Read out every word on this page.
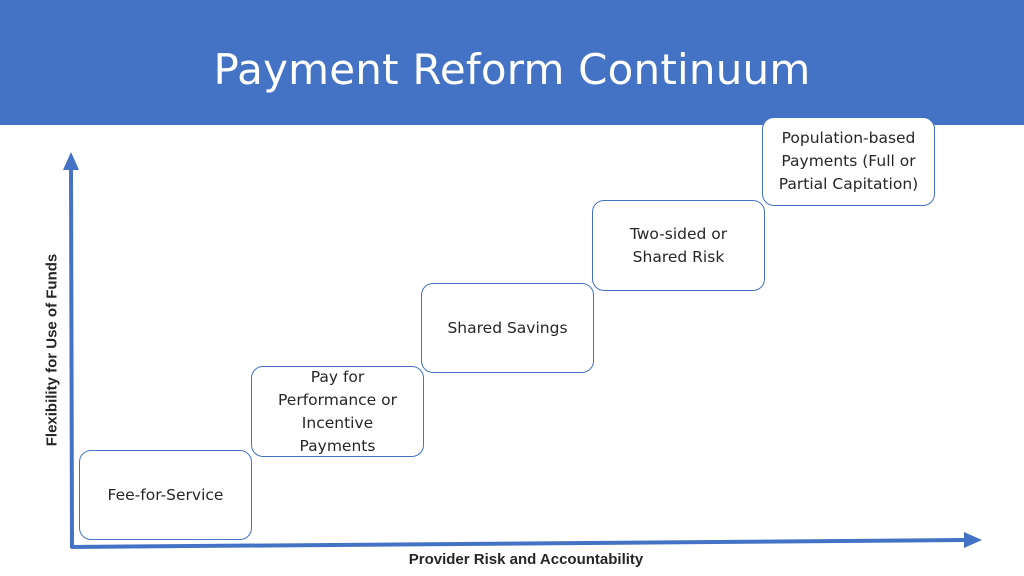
Payment Reform Continuum
Fee-for-Service
Pay for
Performance or
Incentive
Payments
Shared Savings
Two-sided or
Shared Risk
Population-based
Payments (Full or
Partial Capitation)
Flexibility for Use of Funds
Provider Risk and Accountability
